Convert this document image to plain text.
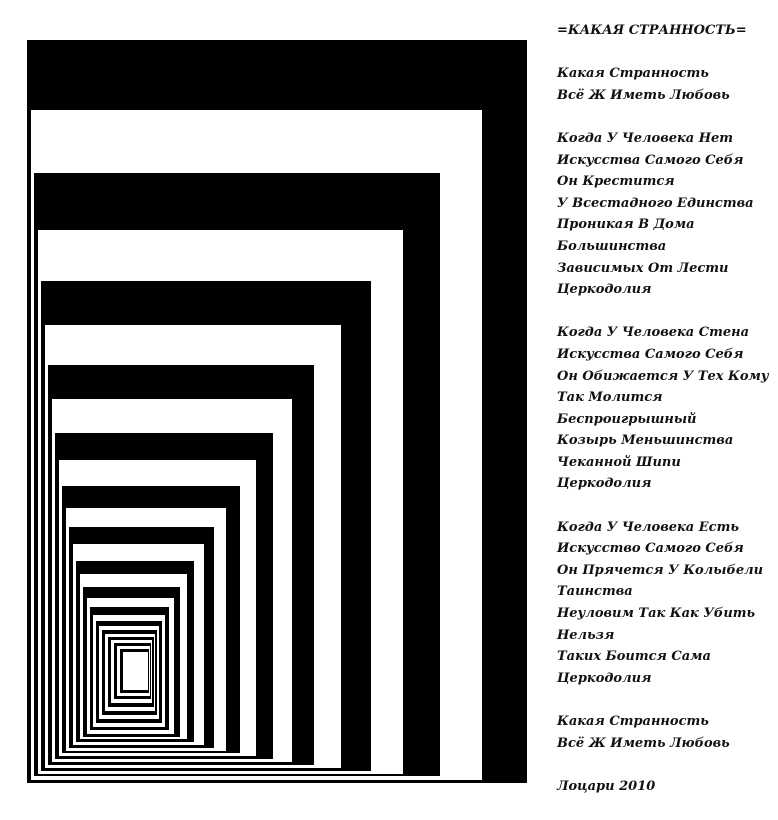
=КАКАЯ СТРАННОСТЬ=
Какая Странность
Всё Ж Иметь Любовь
Когда У Человека Нет
Искусства Самого Себя
Он Крестится
У Всестадного Единства
Проникая В Дома
Большинства
Зависимых От Лести
Церкодолия
Когда У Человека Стена
Искусства Самого Себя
Он Обижается У Тех Кому
Так Молится
Беспроигрышный
Козырь Меньшинства
Чеканной Шипи
Церкодолия
Когда У Человека Есть
Искусство Самого Себя
Он Прячется У Колыбели
Таинства
Неуловим Так Как Убить
Нельзя
Таких Боится Сама
Церкодолия
Какая Странность
Всё Ж Иметь Любовь
Лоцари 2010
